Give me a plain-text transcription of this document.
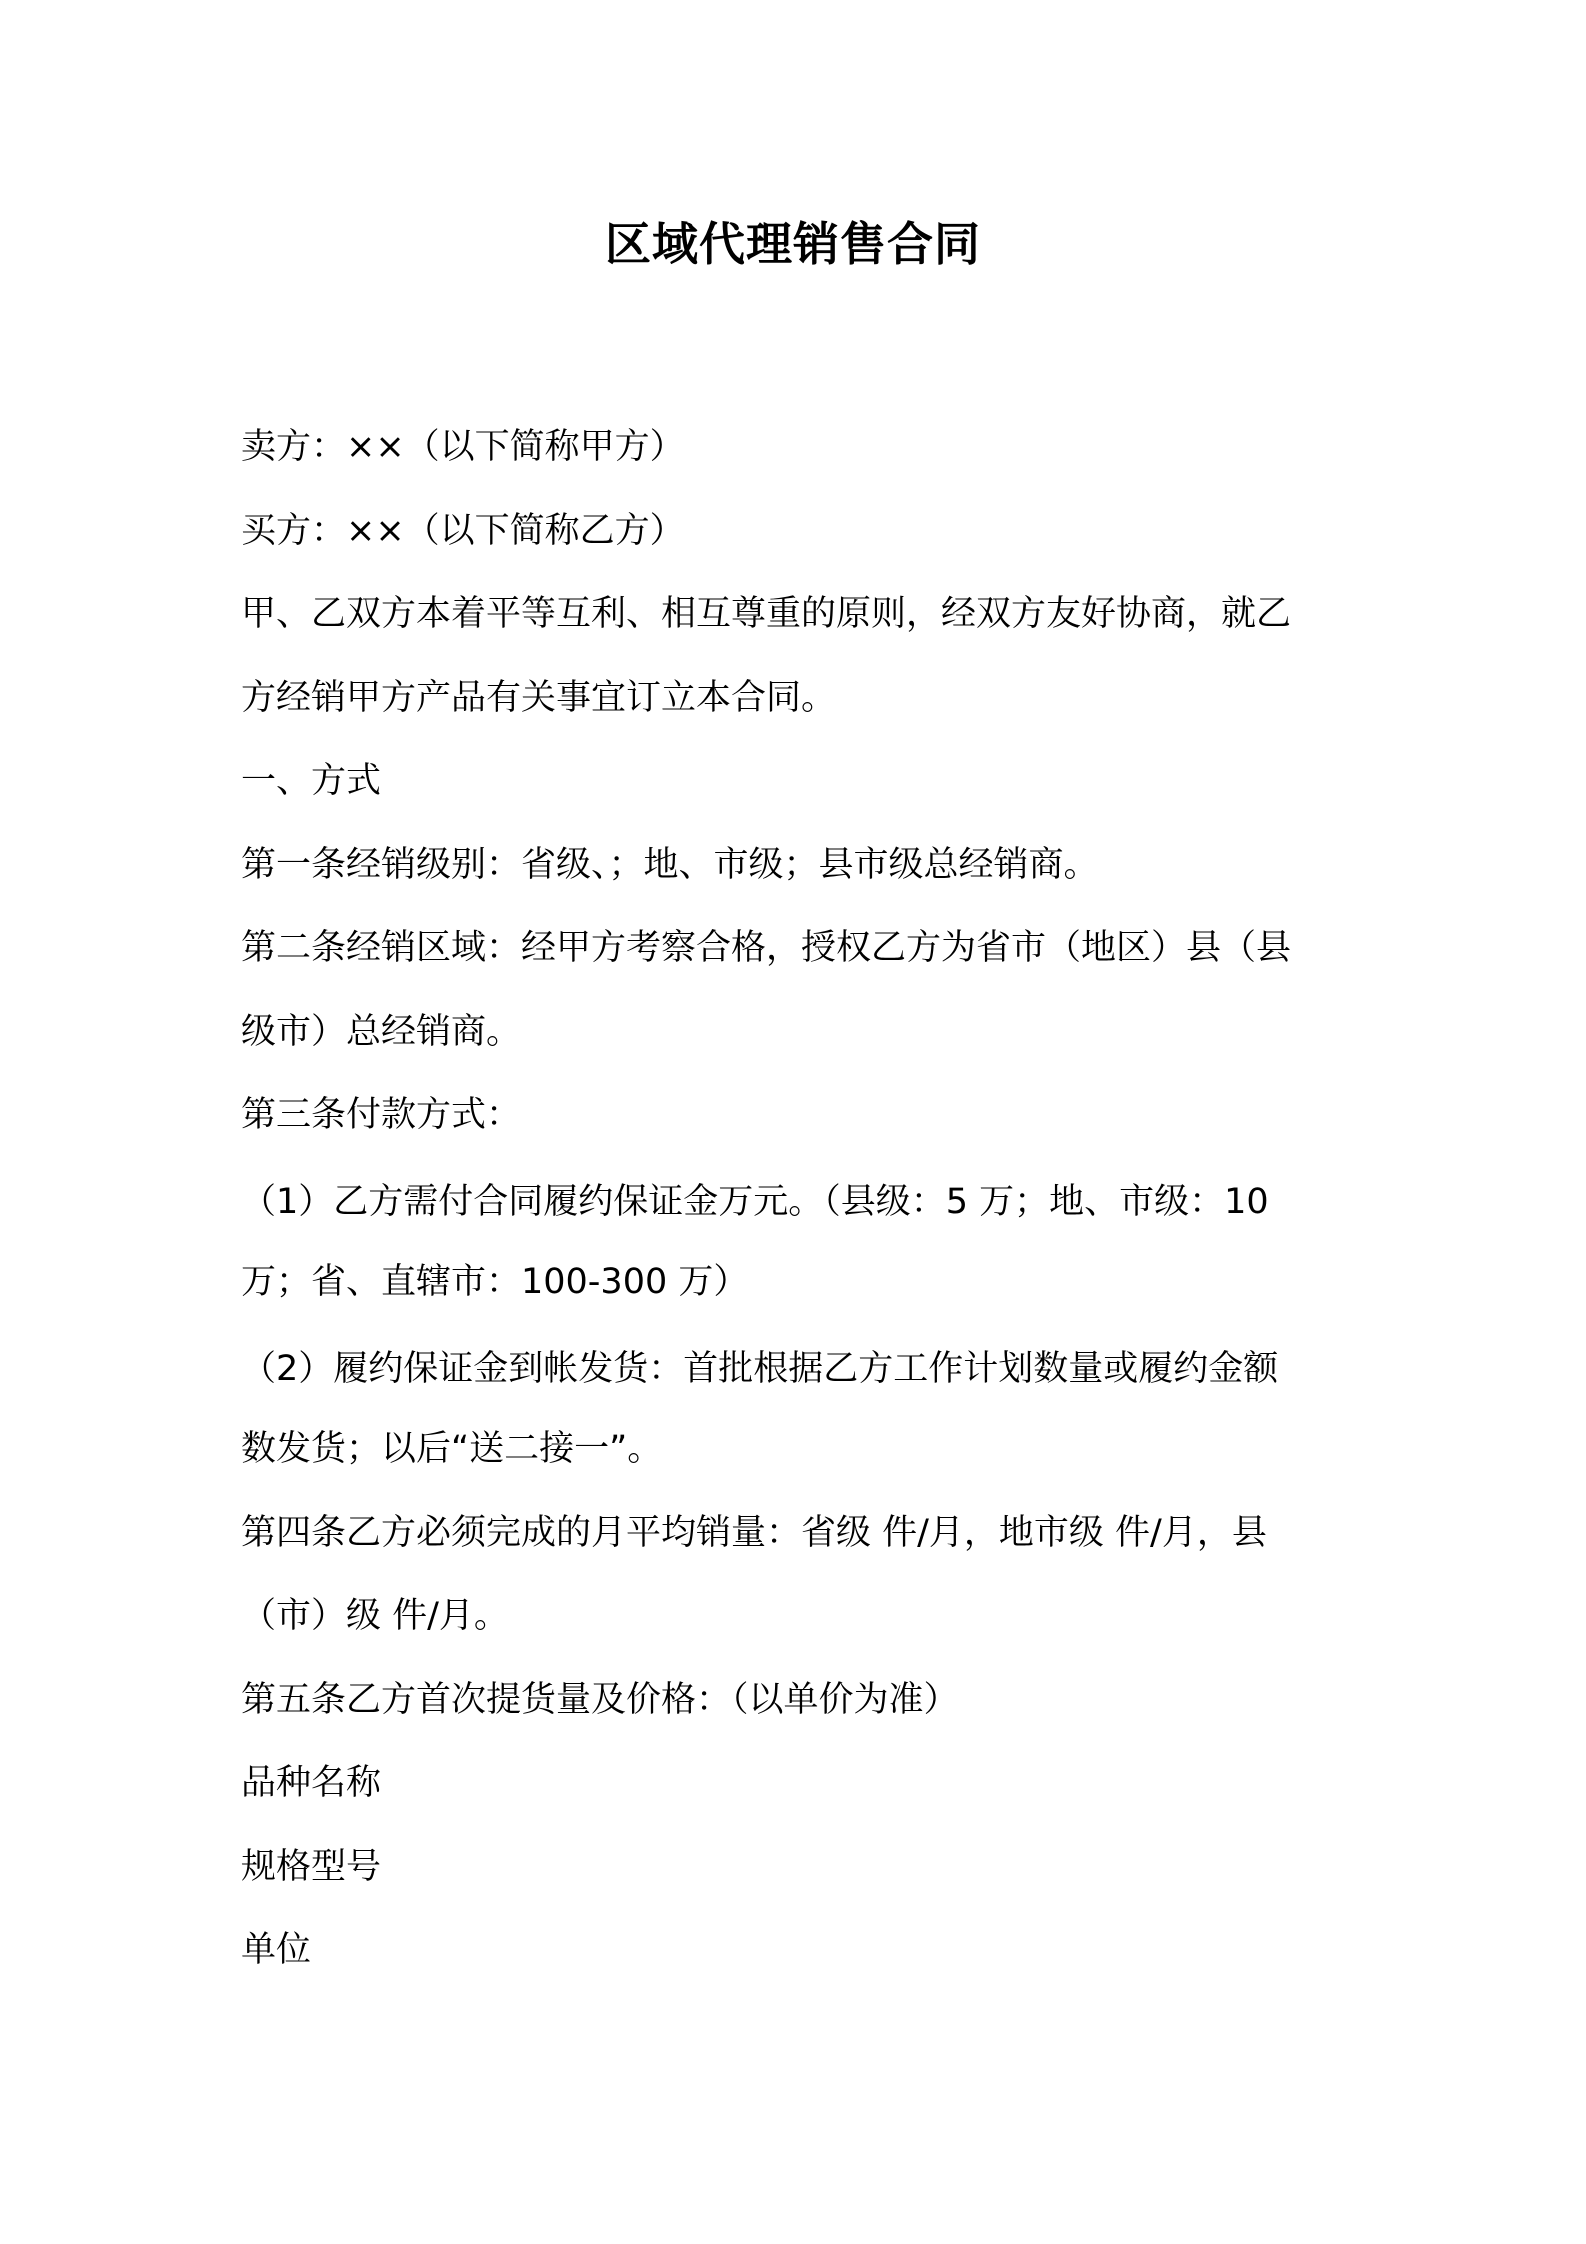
区域代理销售合同

卖方：××（以下简称甲方）

买方：××（以下简称乙方）

甲、乙双方本着平等互利、相互尊重的原则，经双方友好协商，就乙
方经销甲方产品有关事宜订立本合同。

一、方式

第一条经销级别：省级、；地、市级；县市级总经销商。

第二条经销区域：经甲方考察合格，授权乙方为省市（地区）县（县
级市）总经销商。

第三条付款方式：

（1）乙方需付合同履约保证金万元。（县级：5 万；地、市级：10
万；省、直辖市：100-300 万）

（2）履约保证金到帐发货：首批根据乙方工作计划数量或履约金额
数发货；以后“送二接一”。

第四条乙方必须完成的月平均销量：省级 件/月，地市级 件/月，县
（市）级 件/月。

第五条乙方首次提货量及价格：（以单价为准）

品种名称

规格型号

单位
